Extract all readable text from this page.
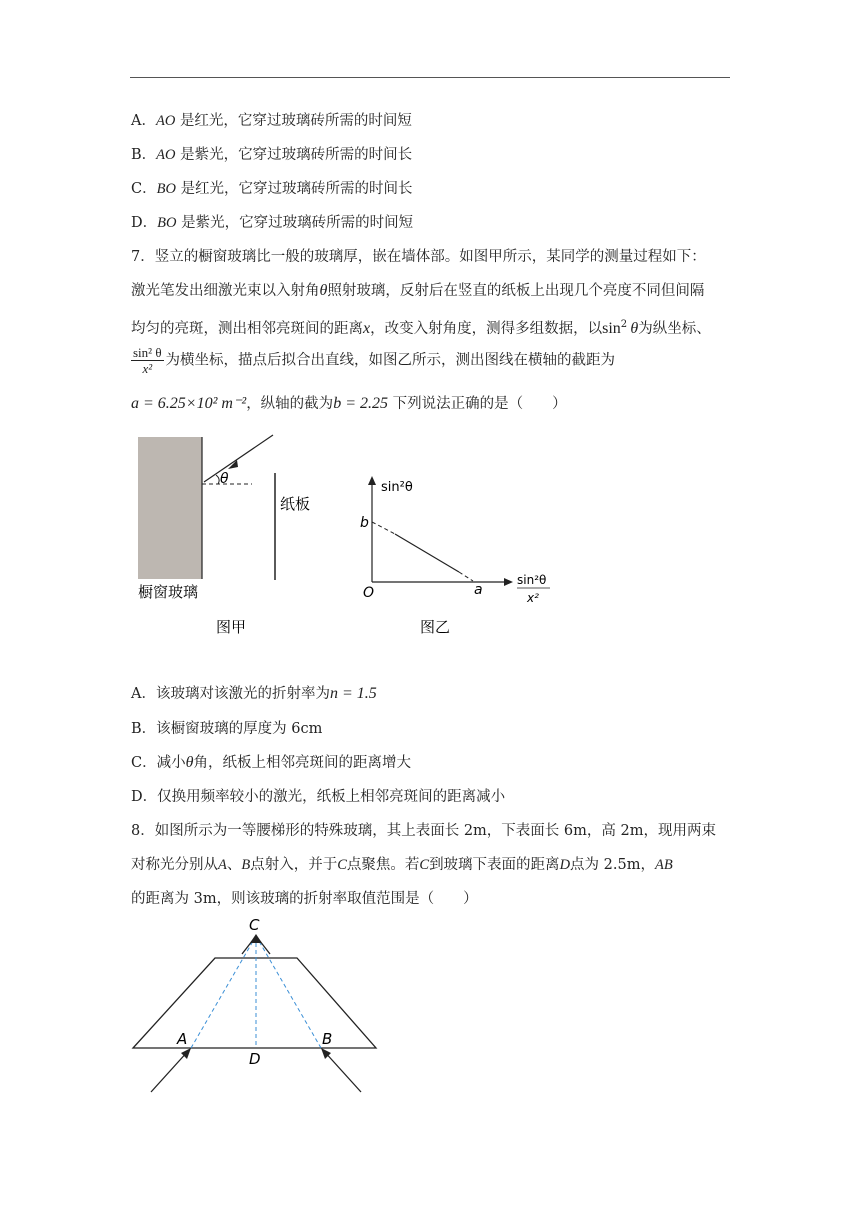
A．AO 是红光，它穿过玻璃砖所需的时间短
B．AO 是紫光，它穿过玻璃砖所需的时间长
C．BO 是红光，它穿过玻璃砖所需的时间长
D．BO 是紫光，它穿过玻璃砖所需的时间短
7．竖立的橱窗玻璃比一般的玻璃厚，嵌在墙体部。如图甲所示，某同学的测量过程如下：
激光笔发出细激光束以入射角θ照射玻璃，反射后在竖直的纸板上出现几个亮度不同但间隔
均匀的亮斑，测出相邻亮斑间的距离x，改变入射角度，测得多组数据，以$\sin^2 \theta$为纵坐标、
$\frac{\text{sin² θ}}{\text{x²}}$ 为横坐标，描点后拟合出直线，如图乙所示，测出图线在横轴的截距为
a = 6.25×10² m⁻²，纵轴的截为b = 2.25 下列说法正确的是（　　）
θ
纸板
橱窗玻璃
图甲
sin²θ
b
O	a
sin²θ
x²
图乙
A．该玻璃对该激光的折射率为n = 1.5
B．该橱窗玻璃的厚度为 6cm
C．减小θ角，纸板上相邻亮斑间的距离增大
D．仅换用频率较小的激光，纸板上相邻亮斑间的距离减小
8．如图所示为一等腰梯形的特殊玻璃，其上表面长 2m，下表面长 6m，高 2m，现用两束
对称光分别从A、B点射入，并于C点聚焦。若C到玻璃下表面的距离D点为 2.5m，AB
的距离为 3m，则该玻璃的折射率取值范围是（　　）
C
A	B
D
